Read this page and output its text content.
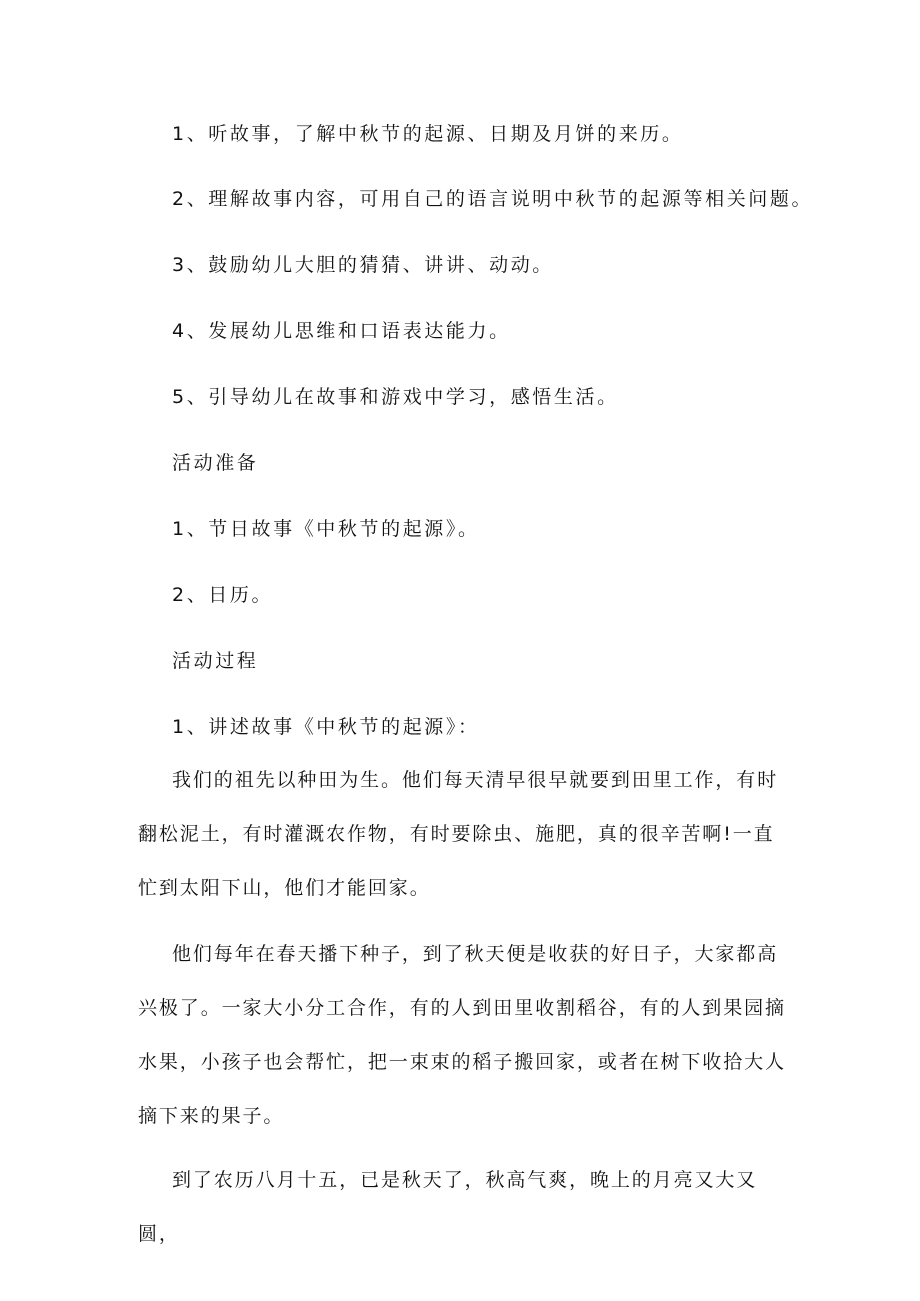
1、听故事，了解中秋节的起源、日期及月饼的来历。
2、理解故事内容，可用自己的语言说明中秋节的起源等相关问题。
3、鼓励幼儿大胆的猜猜、讲讲、动动。
4、发展幼儿思维和口语表达能力。
5、引导幼儿在故事和游戏中学习，感悟生活。
活动准备
1、节日故事《中秋节的起源》。
2、日历。
活动过程
1、讲述故事《中秋节的起源》：

我们的祖先以种田为生。他们每天清早很早就要到田里工作，有时翻松泥土，有时灌溉农作物，有时要除虫、施肥，真的很辛苦啊!一直忙到太阳下山，他们才能回家。

他们每年在春天播下种子，到了秋天便是收获的好日子，大家都高兴极了。一家大小分工合作，有的人到田里收割稻谷，有的人到果园摘水果，小孩子也会帮忙，把一束束的稻子搬回家，或者在树下收拾大人摘下来的果子。

到了农历八月十五，已是秋天了，秋高气爽，晚上的月亮又大又圆，
